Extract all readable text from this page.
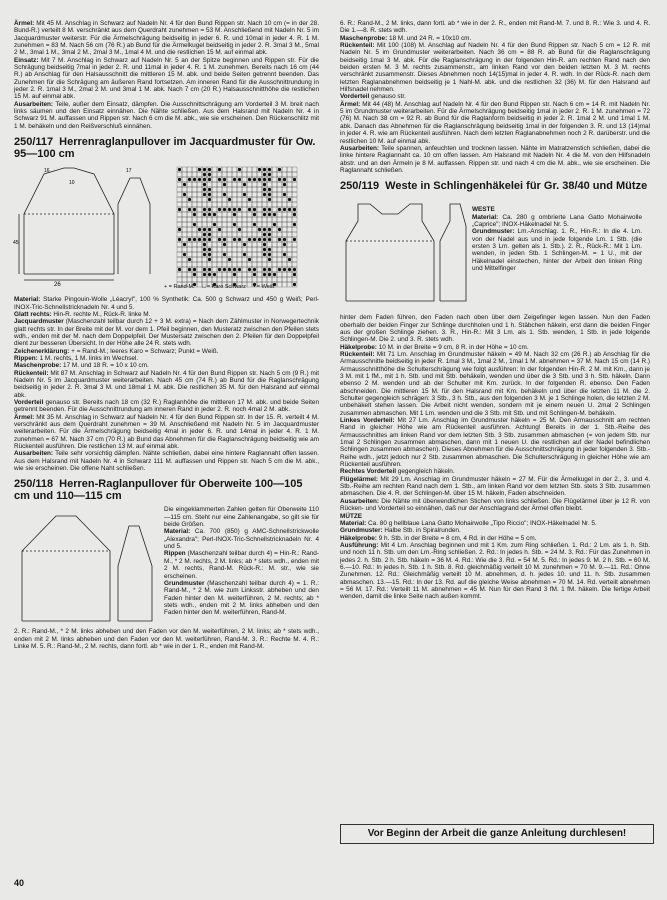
Ärmel: Mit 45 M. Anschlag in Schwarz auf Nadeln Nr. 4 für den Bund Rippen str. Nach 10 cm (= in der 28. Bund-R.) verteilt 8 M. verschränkt aus dem Querdraht zunehmen = 53 M. Anschließend mit Nadeln Nr. 5 im Jacquardmuster weiterstr. Für die Ärmelschrägung beidseitig in jeder 6. R. und 10mal in jeder 4. R. 1 M. zunehmen = 83 M. Nach 56 cm (76 R.) ab Bund für die Ärmelkugel beidseitig in jeder 2. R. 3mal 3 M., 5mal 2 M., 3mal 1 M., 3mal 2 M., 2mal 3 M., 1mal 4 M. und die restlichen 15 M. auf einmal abk.

Einsatz: Mit 7 M. Anschlag in Schwarz auf Nadeln Nr. 5 an der Spitze beginnen und Rippen str. Für die Schrägung beidseitig 7mal in jeder 2. R. und 11mal in jeder 4. R. 1 M. zunehmen. Bereits nach 16 cm (44 R.) ab Anschlag für den Halsausschnitt die mittleren 15 M. abk. und beide Seiten getrennt beenden. Das Zunehmen für die Schrägung am äußeren Rand fortsetzen. Am inneren Rand für die Ausschnittrundung in jeder 2. R. 1mal 3 M., 2mal 2 M. und 3mal 1 M. abk. Nach 7 cm (20 R.) Halsausschnitthöhe die restlichen 15 M. auf einmal abk.

Ausarbeiten: Teile, außer dem Einsatz, dämpfen. Die Ausschnittschrägung am Vorderteil 3 M. breit nach links säumen und den Einsatz einnähen. Die Nähte schließen. Aus dem Halsrand mit Nadeln Nr. 4 in Schwarz 91 M. auffassen und Rippen str. Nach 6 cm die M. abk., wie sie erscheinen. Den Rückenschlitz mit 1 M. behäkeln und den Reißverschluß einnähen.

250/117 Herrenraglanpullover im Jacquardmuster für Ow. 95—100 cm
26
16
10
45
17
+ = Rand-M. □ = Karo Schwarz • = Weiß

Material: Starke Pingouin-Wolle „Léacryl", 100 % Synthetik: Ca. 500 g Schwarz und 450 g Weiß; Perl-INOX-Tric-Schnellstricknadeln Nr. 4 und 5.

Glatt rechts: Hin-R. rechte M., Rück-R. linke M.

Jacquardmuster (Maschenzahl teilbar durch 12 + 3 M. extra) = Nach dem Zählmuster in Norwegertechnik glatt rechts str. In der Breite mit der M. vor dem 1. Pfeil beginnen, den Musteratz zwischen den Pfeilen stets wdh., enden mit der M. nach dem Doppelpfeil. Der Mustersatz zwischen den 2. Pfeilen für den Doppelpfeil dient zur besseren Übersicht. In der Höhe alle 24 R. stets wdh.

Zeichenerklärung: + = Rand-M.; leeres Karo = Schwarz; Punkt = Weiß.

Rippen: 1 M. rechts, 1 M. links im Wechsel.

Maschenprobe: 17 M. und 18 R. = 10 x 10 cm.

Rückenteil: Mit 87 M. Anschlag in Schwarz auf Nadeln Nr. 4 für den Bund Rippen str. Nach 5 cm (9 R.) mit Nadeln Nr. 5 im Jacquardmuster weiterarbeiten. Nach 45 cm (74 R.) ab Bund für die Raglanschrägung beidseitig in jeder 2. R. 3mal 3 M. und 18mal 1 M. abk. Die restlichen 35 M. für den Halsrand auf einmal abk.

Vorderteil genauso str. Bereits nach 18 cm (32 R.) Raglanhöhe die mittleren 17 M. abk. und beide Seiten getrennt beenden. Für die Ausschnittrundung am inneren Rand in jeder 2. R. noch 4mal 2 M. abk.

Ärmel: Mit 35 M. Anschlag in Schwarz auf Nadeln Nr. 4 für den Bund Rippen str. In der 15. R. verteilt 4 M. verschränkt aus dem Querdraht zunehmen = 39 M. Anschließend mit Nadeln Nr. 5 im Jacquardmuster weiterarbeiten. Für die Ärmelschrägung beidseitig 4mal in jeder 6. R. und 14mal in jeder 4. R. 1 M. zunehmen = 67 M. Nach 37 cm (70 R.) ab Bund das Abnehmen für die Raglanschrägung beidseitig wie am Rückenteil ausführen. Die restlichen 13 M. auf einmal abk.

Ausarbeiten: Teile sehr vorsichtig dämpfen. Nähte schließen, dabei eine hintere Raglannaht offen lassen. Aus dem Halsrand mit Nadeln Nr. 4 in Schwarz 111 M. auffassen und Rippen str. Nach 5 cm die M. abk., wie sie erscheinen. Die offene Naht schließen.

250/118 Herren-Raglanpullover für Oberweite 100—105 cm und 110—115 cm

Die eingeklammerten Zahlen gelten für Oberweite 110—115 cm. Steht nur eine Zahlenangabe, so gilt sie für beide Größen.

Material: Ca. 700 (850) g AMC-Schnellstrickwolle „Alexandra"; Perl-INOX-Tric-Schnellstricknadeln Nr. 4 und 5.

Rippen (Maschenzahl teilbar durch 4) = Hin-R.: Rand-M., * 2 M. rechts, 2 M. links; ab * stets wdh., enden mit 2 M. rechts, Rand-M. Rück-R.: M. str., wie sie erscheinen.

Grundmuster (Maschenzahl teilbar durch 4) = 1. R.: Rand-M., * 2 M. wie zum Linksstr. abheben und den Faden hinter den M. weiterführen, 2 M. rechts; ab * stets wdh., enden mit 2 M. links abheben und den Faden hinter den M. weiterführen, Rand-M.

2. R.: Rand-M., * 2 M. links abheben und den Faden vor den M. weiterführen, 2 M. links; ab * stets wdh., enden mit 2 M. links abheben und den Faden vor den M. weiterführen, Rand-M. 3. R.: Rechte M. 4. R.: Linke M. 5. R.: Rand-M., 2 M. rechts, dann fortl. ab * wie in der 1. R., enden mit Rand-M.

6. R.: Rand-M., 2 M. links, dann fortl. ab * wie in der 2. R., enden mit Rand-M. 7. und 8. R.: Wie 3. und 4. R. Die 1.—8. R. stets wdh.

Maschenprobe: 18 M. und 24 R. = 10x10 cm.

Rückenteil: Mit 100 (108) M. Anschlag auf Nadeln Nr. 4 für den Bund Rippen str. Nach 5 cm = 12 R. mit Nadeln Nr. 5 im Grundmuster weiterarbeiten. Nach 36 cm = 88 R. ab Bund für die Raglanschrägung beidseitig 1mal 3 M. abk. Für die Raglanschrägung in der folgenden Hin-R. am rechten Rand nach den beiden ersten M. 3 M. rechts zusammenstr., am linken Rand vor den beiden letzten M. 3 M. rechts verschränkt zusammenstr. Dieses Abnehmen noch 14(15)mal in jeder 4. R. wdh. In der Rück-R. nach dem letzten Raglanabnehmen beidseitig je 1 Nahl-M. abk. und die restlichen 32 (36) M. für den Halsrand auf Hilfsnadel nehmen.

Vorderteil genauso str.

Ärmel: Mit 44 (48) M. Anschlag auf Nadeln Nr. 4 für den Bund Rippen str. Nach 6 cm = 14 R. mit Nadeln Nr. 5 im Grundmuster weiterarbeiten. Für die Ärmelschrägung beidseitig 1mal in jeder 2. R. 1 M. zunehmen = 72 (76) M. Nach 38 cm = 92 R. ab Bund für die Raglanform beidseitig in jeder 2. R. 1mal 2 M. und 1mal 1 M. abk. Danach das Abnehmen für die Raglanschrägung beidseitig 1mal in der folgenden 3. R. und 13 (14)mal in jeder 4. R. wie am Rückenteil ausführen. Nach dem letzten Raglanabnehmen noch 2 R. darüberstr. und die restlichen 10 M. auf einmal abk.

Ausarbeiten: Teile spannen, anfeuchten und trocknen lassen. Nähte im Matratzenstich schließen, dabei die linke hintere Raglannaht ca. 10 cm offen lassen. Am Halsrand mit Nadeln Nr. 4 die M. von den Hilfsnadeln abstr. und an den Ärmeln je 8 M. auffassen. Rippen str. und nach 4 cm die M. abk., wie sie erscheinen. Die Raglannaht schließen.

250/119 Weste in Schlingenhäkelei für Gr. 38/40 und Mütze

WESTE

Material: Ca. 280 g ombrierte Lana Gatto Mohairwolle „Caprice"; INOX-Häkelnadel Nr. 5.

Grundmuster: Lm.-Anschlag. 1. R., Hin-R.: In die 4. Lm. von der Nadel aus und in jede folgende Lm. 1 Stb. (die ersten 3 Lm. gelten als 1. Stb.). 2. R., Rück-R.: Mit 1 Lm. wenden, in jeden Stb. 1 Schlingen-M. = 1 U., mit der Häkelnadel einstechen, hinter der Arbeit den linken Ring und Mittelfinger

hinter dem Faden führen, den Faden nach oben über dem Zeigefinger legen lassen. Nun den Faden oberhalb der beiden Finger zur Schlinge durchholen und 1 h. Stäbchen häkeln, erst dann die beiden Finger aus der großen Schlinge ziehen. 3. R., Hin-R.: Mit 3 Lm. als 1. Stb. wenden, 1 Stb. in jede folgende Schlingen-M. Die 2. und 3. R. stets wdh.

Häkelprobe: 10 M. in der Breite = 9 cm, 8 R. in der Höhe = 10 cm.

Rückenteil: Mit 71 Lm. Anschlag im Grundmuster häkeln = 49 M. Nach 32 cm (26 R.) ab Anschlag für die Armausschnitte beidseitig in jeder R. 1mal 3 M., 1mal 2 M., 1mal 1 M. abnehmen = 37 M. Nach 15 cm (14 R.) Armausschnitthöhe die Schulterschrägung wie folgt ausführen: In der folgenden Hin-R. 2 M. mit Km., dann je 3 M. mit 1 fM., mit 1 h. Stb. und mit Stb. behäkeln, wenden und über die 3 Stb. und 3 h. Stb. häkeln. Dann ebenso 2 M. wenden und ab der Schulter mit Km. zurück. In der folgenden R. ebenso. Den Faden abschneiden. Die mittleren 15 M. für den Halsrand mit Km. behäkeln und über die letzten 11 M. die 2. Schulter gegengleich schrägen: 3 Stb., 3 h. Stb., aus den folgenden 3 M. je 1 Schlinge holen, die letzten 2 M. unbehäkelt stehen lassen. Die Arbeit nicht wenden, sondern mit je einem neuen U. 2mal 2 Schlingen zusammen abmaschen. Mit 1 Lm. wenden und die 3 Stb. mit Stb. und mit Schlingen-M. behäkeln.

Linkes Vorderteil: Mit 27 Lm. Anschlag im Grundmuster häkeln = 25 M. Den Armausschnitt am rechten Rand in gleicher Höhe wie am Rückenteil ausführen. Achtung! Bereits in der 1. Stb.-Reihe des Armausschnittes am linken Rand vor dem letzten Stb. 3 Stb. zusammen abmaschen (= von jedem Stb. nur 1mal 2 Schlingen zusammen abmaschen, dann mit 1 neuen U. die restlichen auf der Nadel befindlichen Schlingen zusammen abmaschen). Dieses Abnehmen für die Ausschnittschrägung in jeder folgenden 3. Stb.-Reihe wdh., jetzt jedoch nur 2 Stb. zusammen abmaschen. Die Schulterschrägung in gleicher Höhe wie am Rückenteil ausführen.

Rechtes Vorderteil gegengleich häkeln.

Flügelärmel: Mit 29 Lm. Anschlag im Grundmuster häkeln = 27 M. Für die Ärmelkugel in der 2., 3. und 4. Stb.-Reihe am rechten Rand nach dem 1. Stb., am linken Rand vor dem letzten Stb. stets 3 Stb. zusammen abmaschen. Die 4. R. der Schlingen-M. über 15 M. häkeln, Faden abschneiden.

Ausarbeiten: Die Nähte mit überwendlichen Stichen von links schließen. Die Flügelärmel über je 12 R. von Rücken- und Vorderteil so einnähen, daß nur der Anschlagrand der Ärmel offen bleibt.

MÜTZE

Material: Ca. 80 g hellblaue Lana Gatto Mohairwolle „Tipo Riccio"; INOX-Häkelnadel Nr. 5.

Grundmuster: Halbe Stb. in Spiralrunden.

Häkelprobe: 9 h. Stb. in der Breite = 8 cm, 4 Rd. in der Höhe = 5 cm.

Ausführung: Mit 4 Lm. Anschlag beginnen und mit 1 Km. zum Ring schließen. 1. Rd.: 2 Lm. als 1. h. Stb. und noch 11 h. Stb. um den Lm.-Ring schließen. 2. Rd.: In jedes h. Stb. = 24 M. 3. Rd.: Für das Zunehmen in jedes 2. h. Stb. 2 h. Stb. häkeln = 36 M. 4. Rd.: Wie die 3. Rd. = 54 M. 5. Rd.: In jedes 9. M. 2 h. Stb. = 60 M. 6.—10. Rd.: In jedes h. Stb. 1 h. Stb. 8. Rd. gleichmäßig verteilt 10 M. zunehmen = 70 M. 9.—11. Rd.: Ohne Zunehmen. 12. Rd.: Gleichmäßig verteilt 10 M. abnehmen, d. h. jedes 10. und 11. h. Stb. zusammen abmaschen. 13.—15. Rd.: In der 13. Rd. auf die gleiche Weise abnehmen = 70 M. 14. Rd. verteilt abnehmen = 56 M. 17. Rd.: Verteilt 11 M. abnehmen = 45 M. Nun für den Rand 3 fM. 1 fM. häkeln. Die fertige Arbeit wenden, damit die linke Seite nach außen kommt.

Vor Beginn der Arbeit die ganze Anleitung durchlesen!
40
